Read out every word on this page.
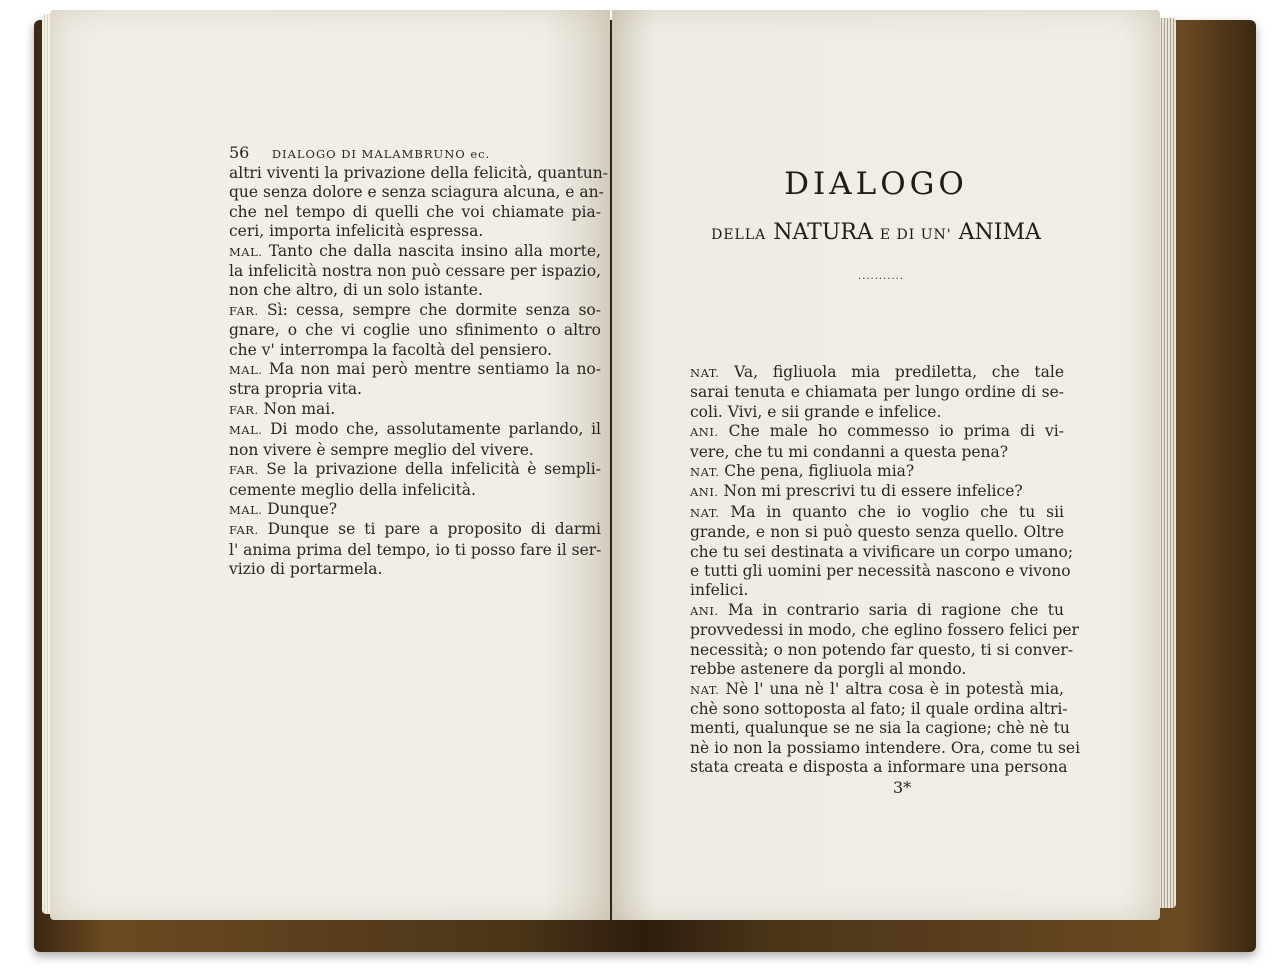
56 DIALOGO DI MALAMBRUNO ec.
altri viventi la privazione della felicità, quantun-
que senza dolore e senza sciagura alcuna, e an-
che nel tempo di quelli che voi chiamate pia-
ceri, importa infelicità espressa.
MAL. Tanto che dalla nascita insino alla morte,
la infelicità nostra non può cessare per ispazio,
non che altro, di un solo istante.
FAR. Sì: cessa, sempre che dormite senza so-
gnare, o che vi coglie uno sfinimento o altro
che v' interrompa la facoltà del pensiero.
MAL. Ma non mai però mentre sentiamo la no-
stra propria vita.
FAR. Non mai.
MAL. Di modo che, assolutamente parlando, il
non vivere è sempre meglio del vivere.
FAR. Se la privazione della infelicità è sempli-
cemente meglio della infelicità.
MAL. Dunque?
FAR. Dunque se ti pare a proposito di darmi
l' anima prima del tempo, io ti posso fare il ser-
vizio di portarmela.
DIALOGO
DELLA NATURA E DI UN' ANIMA
...........
NAT. Va, figliuola mia prediletta, che tale
sarai tenuta e chiamata per lungo ordine di se-
coli. Vivi, e sii grande e infelice.
ANI. Che male ho commesso io prima di vi-
vere, che tu mi condanni a questa pena?
NAT. Che pena, figliuola mia?
ANI. Non mi prescrivi tu di essere infelice?
NAT. Ma in quanto che io voglio che tu sii
grande, e non si può questo senza quello. Oltre
che tu sei destinata a vivificare un corpo umano;
e tutti gli uomini per necessità nascono e vivono
infelici.
ANI. Ma in contrario saria di ragione che tu
provvedessi in modo, che eglino fossero felici per
necessità; o non potendo far questo, ti si conver-
rebbe astenere da porgli al mondo.
NAT. Nè l' una nè l' altra cosa è in potestà mia,
chè sono sottoposta al fato; il quale ordina altri-
menti, qualunque se ne sia la cagione; chè nè tu
nè io non la possiamo intendere. Ora, come tu sei
stata creata e disposta a informare una persona
3*
